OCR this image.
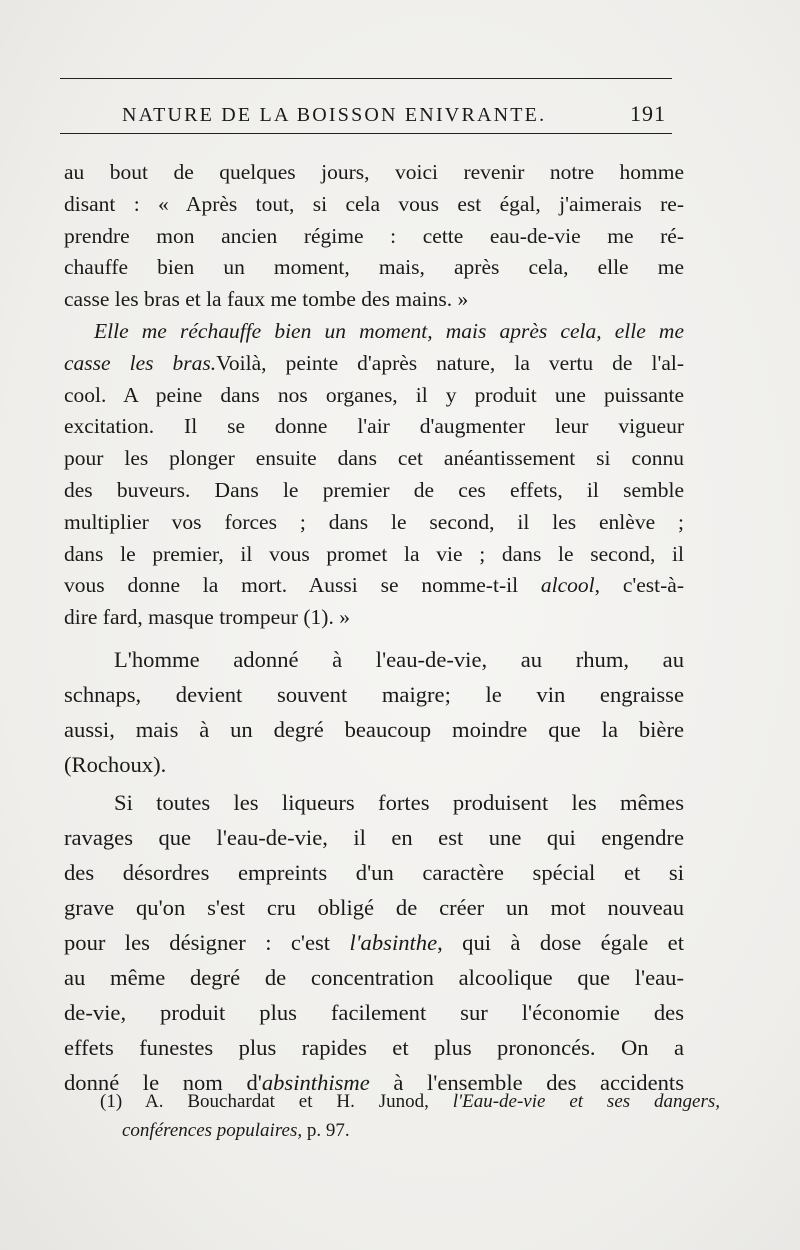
NATURE DE LA BOISSON ENIVRANTE.	191
au bout de quelques jours, voici revenir notre homme
disant : « Après tout, si cela vous est égal, j'aimerais re-
prendre mon ancien régime : cette eau-de-vie me ré-
chauffe bien un moment, mais, après cela, elle me
casse les bras et la faux me tombe des mains. »
Elle me réchauffe bien un moment, mais après cela, elle me
casse les bras.Voilà, peinte d'après nature, la vertu de l'al-
cool. A peine dans nos organes, il y produit une puissante
excitation. Il se donne l'air d'augmenter leur vigueur
pour les plonger ensuite dans cet anéantissement si connu
des buveurs. Dans le premier de ces effets, il semble
multiplier vos forces ; dans le second, il les enlève ;
dans le premier, il vous promet la vie ; dans le second, il
vous donne la mort. Aussi se nomme-t-il alcool, c'est-à-
dire fard, masque trompeur (1). »
L'homme adonné à l'eau-de-vie, au rhum, au
schnaps, devient souvent maigre; le vin engraisse
aussi, mais à un degré beaucoup moindre que la bière
(Rochoux).
Si toutes les liqueurs fortes produisent les mêmes
ravages que l'eau-de-vie, il en est une qui engendre
des désordres empreints d'un caractère spécial et si
grave qu'on s'est cru obligé de créer un mot nouveau
pour les désigner : c'est l'absinthe, qui à dose égale et
au même degré de concentration alcoolique que l'eau-
de-vie, produit plus facilement sur l'économie des
effets funestes plus rapides et plus prononcés. On a
donné le nom d'absinthisme à l'ensemble des accidents
(1) A. Bouchardat et H. Junod, l'Eau-de-vie et ses dangers,
conférences populaires, p. 97.
